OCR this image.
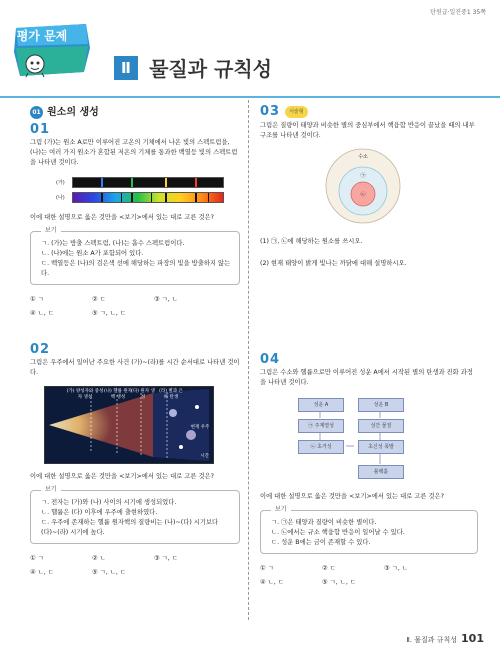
탄원급·일진중1 35쪽
대단원
평가 문제
Ⅱ 물질과 규칙성
01 원소의 생성
01
그림 (가)는 원소 A로만 이루어진 고온의 기체에서 나온 빛의 스펙트럼을, (나)는 여러 가지 원소가 혼합된 저온의 기체를 통과한 백열등 빛의 스펙트럼을 나타낸 것이다.
(가)
(나)
이에 대한 설명으로 옳은 것만을 <보기>에서 있는 대로 고른 것은?
보기
ㄱ. (가)는 방출 스펙트럼, (나)는 흡수 스펙트럼이다.
ㄴ. (나)에는 원소 A가 포함되어 있다.
ㄷ. 백열등은 (나)의 검은색 선에 해당하는 파장의 빛을 방출하지 않는다.
① ㄱ	② ㄷ	③ ㄱ, ㄴ
④ ㄴ, ㄷ	⑤ ㄱ, ㄴ, ㄷ
02
그림은 우주에서 일어난 주요한 사건 (가)~(라)를 시간 순서대로 나타낸 것이다.
(가) 양성자와 중성자 생성
(나) 헬륨 원자핵 생성
(다) 원자 생성
(라) 별과 은하 탄생
현재 우주
시간
이에 대한 설명으로 옳은 것만을 <보기>에서 있는 대로 고른 것은?
보기
ㄱ. 전자는 (가)와 (나) 사이의 시기에 생성되었다.
ㄴ. 헬륨은 (다) 이후에 우주에 출현하였다.
ㄷ. 우주에 존재하는 헬륨 원자핵의 질량비는 (나)~(다) 시기보다 (다)~(라) 시기에 높다.
① ㄱ	② ㄴ	③ ㄱ, ㄷ
④ ㄴ, ㄷ	⑤ ㄱ, ㄴ, ㄷ
03	서술형
그림은 질량이 태양과 비슷한 별의 중심부에서 핵융합 반응이 끝났을 때의 내부 구조를 나타낸 것이다.
수소
㉠
㉡
(1) ㉠, ㉡에 해당하는 원소를 쓰시오.
(2) 현재 태양이 밝게 빛나는 까닭에 대해 설명하시오.
04
그림은 수소와 헬륨으로만 이루어진 성운 A에서 시작된 별의 탄생과 진화 과정을 나타낸 것이다.
성운 A
㉠ 주계열성
㉡ 초거성
성운 B
성간 물질
초신성 폭발
블랙홀
이에 대한 설명으로 옳은 것만을 <보기>에서 있는 대로 고른 것은?
보기
ㄱ. ㉠은 태양과 질량이 비슷한 별이다.
ㄴ. ㉡에서는 규소 핵융합 반응이 일어날 수 있다.
ㄷ. 성운 B에는 금이 존재할 수 있다.
① ㄱ	② ㄷ	③ ㄱ, ㄴ
④ ㄴ, ㄷ	⑤ ㄱ, ㄴ, ㄷ
Ⅱ. 물질과 규칙성 101
